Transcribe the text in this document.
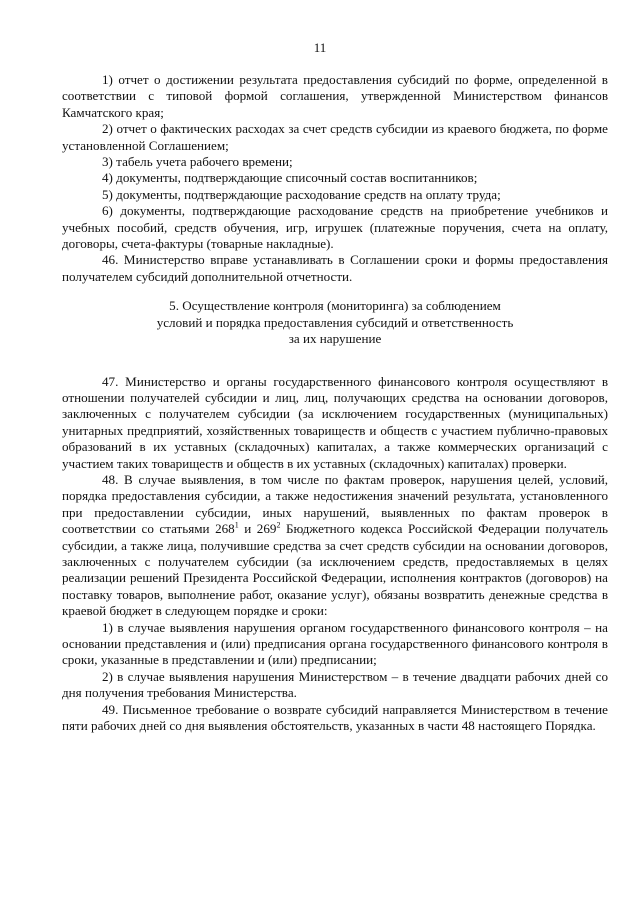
11

1) отчет о достижении результата предоставления субсидий по форме, определенной в соответствии с типовой формой соглашения, утвержденной Министерством финансов Камчатского края;

2) отчет о фактических расходах за счет средств субсидии из краевого бюджета, по форме установленной Соглашением;

3) табель учета рабочего времени;

4) документы, подтверждающие списочный состав воспитанников;

5) документы, подтверждающие расходование средств на оплату труда;

6) документы, подтверждающие расходование средств на приобретение учебников и учебных пособий, средств обучения, игр, игрушек (платежные поручения, счета на оплату, договоры, счета-фактуры (товарные накладные).

46. Министерство вправе устанавливать в Соглашении сроки и формы предоставления получателем субсидий дополнительной отчетности.

5. Осуществление контроля (мониторинга) за соблюдением
условий и порядка предоставления субсидий и ответственность
за их нарушение

47. Министерство и органы государственного финансового контроля осуществляют в отношении получателей субсидии и лиц, лиц, получающих средства на основании договоров, заключенных с получателем субсидии (за исключением государственных (муниципальных) унитарных предприятий, хозяйственных товариществ и обществ с участием публично-правовых образований в их уставных (складочных) капиталах, а также коммерческих организаций с участием таких товариществ и обществ в их уставных (складочных) капиталах) проверки.

48. В случае выявления, в том числе по фактам проверок, нарушения целей, условий, порядка предоставления субсидии, а также недостижения значений результата, установленного при предоставлении субсидии, иных нарушений, выявленных по фактам проверок в соответствии со статьями $268^1$ и $269^2$ Бюджетного кодекса Российской Федерации получатель субсидии, а также лица, получившие средства за счет средств субсидии на основании договоров, заключенных с получателем субсидии (за исключением средств, предоставляемых в целях реализации решений Президента Российской Федерации, исполнения контрактов (договоров) на поставку товаров, выполнение работ, оказание услуг), обязаны возвратить денежные средства в краевой бюджет в следующем порядке и сроки:

1) в случае выявления нарушения органом государственного финансового контроля – на основании представления и (или) предписания органа государственного финансового контроля в сроки, указанные в представлении и (или) предписании;

2) в случае выявления нарушения Министерством – в течение двадцати рабочих дней со дня получения требования Министерства.

49. Письменное требование о возврате субсидий направляется Министерством в течение пяти рабочих дней со дня выявления обстоятельств, указанных в части 48 настоящего Порядка.
